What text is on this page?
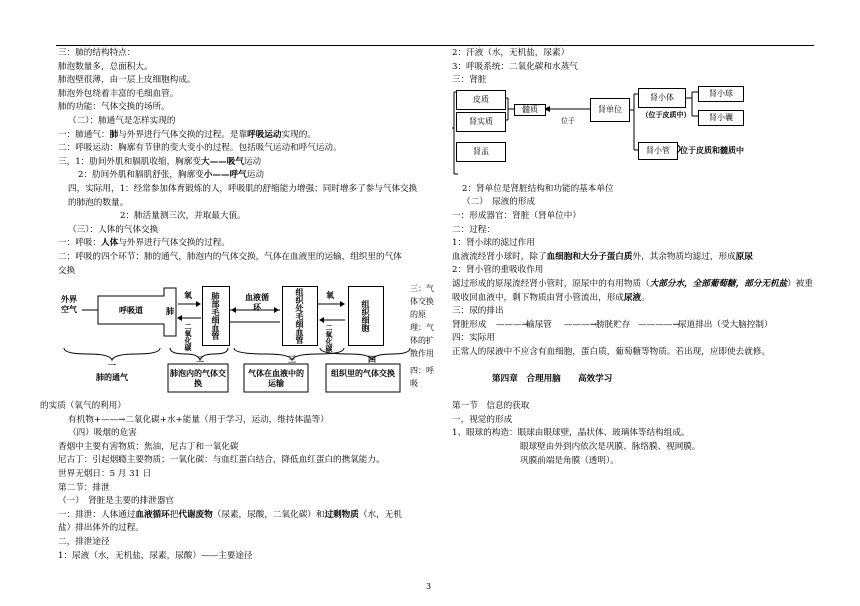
三：肺的结构特点：
肺泡数量多，总面积大。
肺泡壁很薄，由一层上皮细胞构成。
肺泡外包绕着丰富的毛细血管。
肺的功能：气体交换的场所。
（二）：肺通气是怎样实现的
一：肺通气：肺与外界进行气体交换的过程。是靠呼吸运动实现的。
二：呼吸运动：胸廓有节律的变大变小的过程。包括吸气运动和呼气运动。
三，1：肋间外肌和膈肌收缩，胸廓变大——吸气运动
2：肋间外肌和膈肌舒张，胸廓变小——呼气运动
四，实际用，1：经常参加体育锻炼的人，呼吸肌的舒缩能力增强；同时增多了参与气体交换的肺泡的数量。
2：肺活量测三次，并取最大值。
（三）：人体的气体交换
一：呼吸：人体与外界进行气体交换的过程。
二：呼吸的四个环节：肺的通气，肺泡内的气体交换，气体在血液里的运输，组织里的气体交换
外界空气	呼吸道	肺
氧
二氧化碳	肺部毛细血管	血液循环	组织处毛细血管	氧
二氧化碳
组织细胞
一
二	三	四
肺的通气	肺泡内的气体交换
气体在血液中的运输
组织里的气体交换
的实质（氧气的利用）
有机物+——→二氧化碳+水+能量（用于学习，运动，维持体温等）
（四）吸烟的危害
香烟中主要有害物质：焦油，尼古丁和一氧化碳
尼古丁：引起烟瘾主要物质；一氧化碳：与血红蛋白结合，降低血红蛋白的携氧能力。
世界无烟日：5 月 31 日
第二节：排泄
（一）　肾脏是主要的排泄器官
一：排泄：人体通过血液循环把代谢废物（尿素，尿酸，二氧化碳）和过剩物质（水，无机盐）排出体外的过程。
二，排泄途径
1：尿液（水，无机盐，尿素，尿酸）——主要途径
三：气体交换的原理：气体的扩散作用
四：呼吸
2：汗液（水，无机盐，尿素）
3：呼吸系统：二氧化碳和水蒸气
三：肾脏
皮质
肾实质
肾盂
髓质
位于
肾单位
肾小体	肾小球
（位于皮质中）	肾小囊
肾小管	位于皮质和髓质中
2：肾单位是肾脏结构和功能的基本单位
（二）　尿液的形成
一：形成器官：肾脏（肾单位中）
二：过程：
1：肾小球的滤过作用
血液流经肾小球时，除了血细胞和大分子蛋白质外，其余物质均滤过，形成原尿
2：肾小管的重吸收作用
滤过形成的原尿流经肾小管时，原尿中的有用物质（大部分水，全部葡萄糖，部分无机盐）被重吸收回血液中，剩下物质由肾小管流出，形成尿液。
三：尿的排出
肾脏形成 ———→
输尿管 ———→ 膀胱贮存 ————→
尿道排出（受大脑控制）
四：实际用
正常人的尿液中不应含有血细胞，蛋白质，葡萄糖等物质。若出现，应即使去就修。
第四章　合理用脑　　高效学习
第一节　信息的获取
一，视觉的形成
1、眼球的构造：眼球由眼球壁，晶状体、玻璃体等结构组成。
眼球壁由外到内依次是巩膜、脉络膜、视网膜。
巩膜前端是角膜（透明）。
3
